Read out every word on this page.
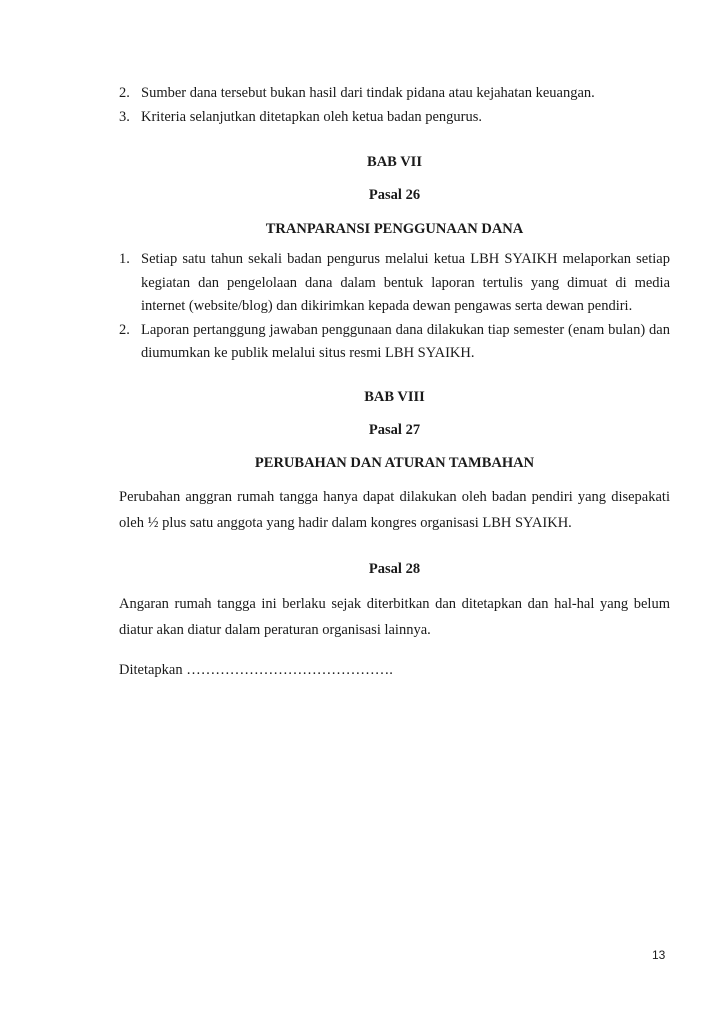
2. Sumber dana tersebut bukan hasil dari tindak pidana atau kejahatan keuangan.
3. Kriteria selanjutkan ditetapkan oleh ketua badan pengurus.
BAB VII
Pasal 26
TRANPARANSI PENGGUNAAN DANA
1. Setiap satu tahun sekali badan pengurus melalui ketua LBH SYAIKH melaporkan setiap kegiatan dan pengelolaan dana dalam bentuk laporan tertulis yang dimuat di media internet (website/blog) dan dikirimkan kepada dewan pengawas serta dewan pendiri.
2. Laporan pertanggung jawaban penggunaan dana dilakukan tiap semester (enam bulan) dan diumumkan ke publik melalui situs resmi LBH SYAIKH.
BAB VIII
Pasal 27
PERUBAHAN DAN ATURAN TAMBAHAN

Perubahan anggran rumah tangga hanya dapat dilakukan oleh badan pendiri yang disepakati oleh ½ plus satu anggota yang hadir dalam kongres organisasi LBH SYAIKH.

Pasal 28

Angaran rumah tangga ini berlaku sejak diterbitkan dan ditetapkan dan hal-hal yang belum diatur akan diatur dalam peraturan organisasi lainnya.

Ditetapkan …………………………………….

13
